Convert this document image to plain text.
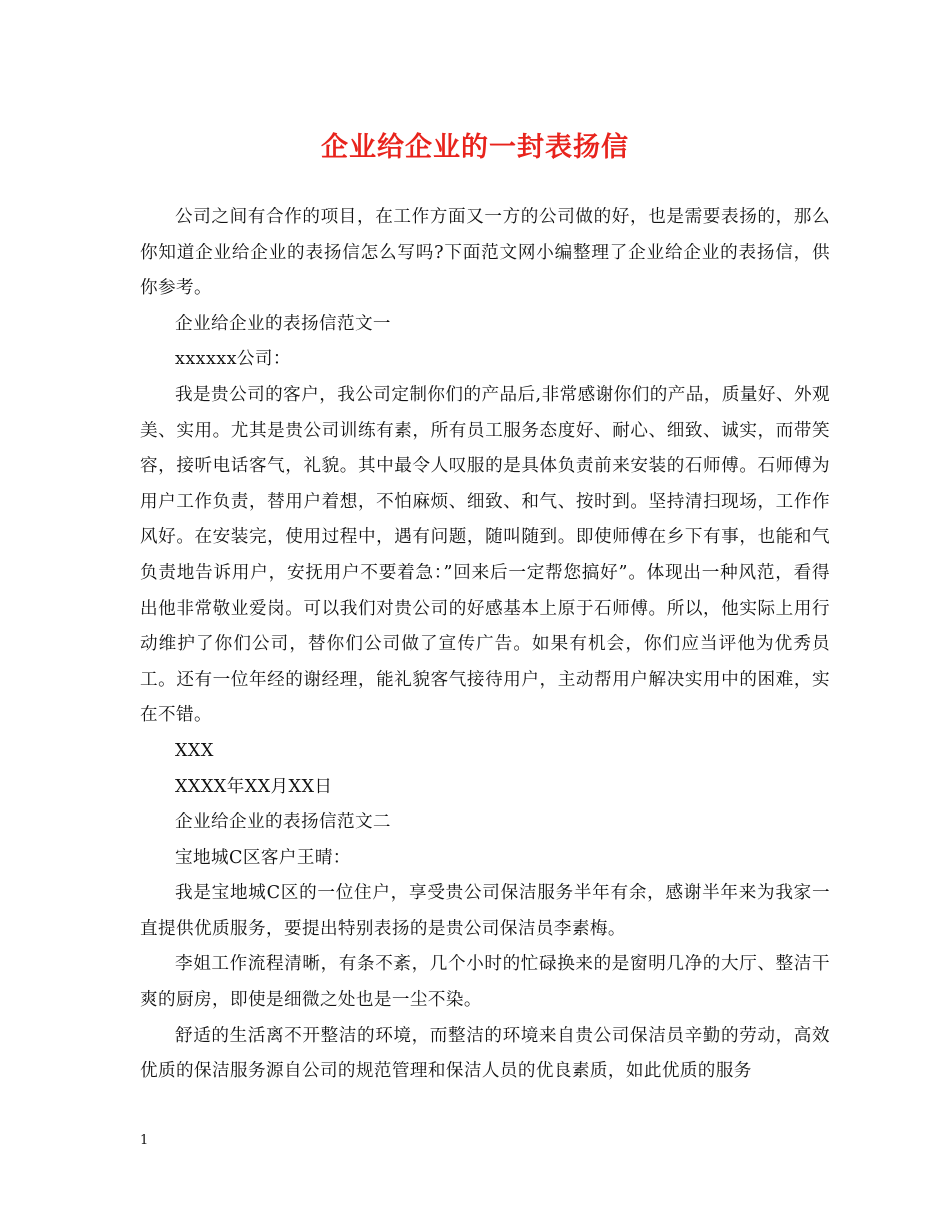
企业给企业的一封表扬信

公司之间有合作的项目，在工作方面又一方的公司做的好，也是需要表扬的，那么你知道企业给企业的表扬信怎么写吗?下面范文网小编整理了企业给企业的表扬信，供你参考。

企业给企业的表扬信范文一

xxxxxx公司：

我是贵公司的客户，我公司定制你们的产品后,非常感谢你们的产品，质量好、外观美、实用。尤其是贵公司训练有素，所有员工服务态度好、耐心、细致、诚实，而带笑容，接听电话客气，礼貌。其中最令人叹服的是具体负责前来安装的石师傅。石师傅为用户工作负责，替用户着想，不怕麻烦、细致、和气、按时到。坚持清扫现场，工作作风好。在安装完，使用过程中，遇有问题，随叫随到。即使师傅在乡下有事，也能和气负责地告诉用户，安抚用户不要着急：”回来后一定帮您搞好”。体现出一种风范，看得出他非常敬业爱岗。可以我们对贵公司的好感基本上原于石师傅。所以，他实际上用行动维护了你们公司，替你们公司做了宣传广告。如果有机会，你们应当评他为优秀员工。还有一位年经的谢经理，能礼貌客气接待用户，主动帮用户解决实用中的困难，实在不错。

XXX

XXXX年XX月XX日

企业给企业的表扬信范文二

宝地城C区客户王晴：

我是宝地城C区的一位住户，享受贵公司保洁服务半年有余，感谢半年来为我家一直提供优质服务，要提出特别表扬的是贵公司保洁员李素梅。

李姐工作流程清晰，有条不紊，几个小时的忙碌换来的是窗明几净的大厅、整洁干爽的厨房，即使是细微之处也是一尘不染。

舒适的生活离不开整洁的环境，而整洁的环境来自贵公司保洁员辛勤的劳动，高效优质的保洁服务源自公司的规范管理和保洁人员的优良素质，如此优质的服务

1
